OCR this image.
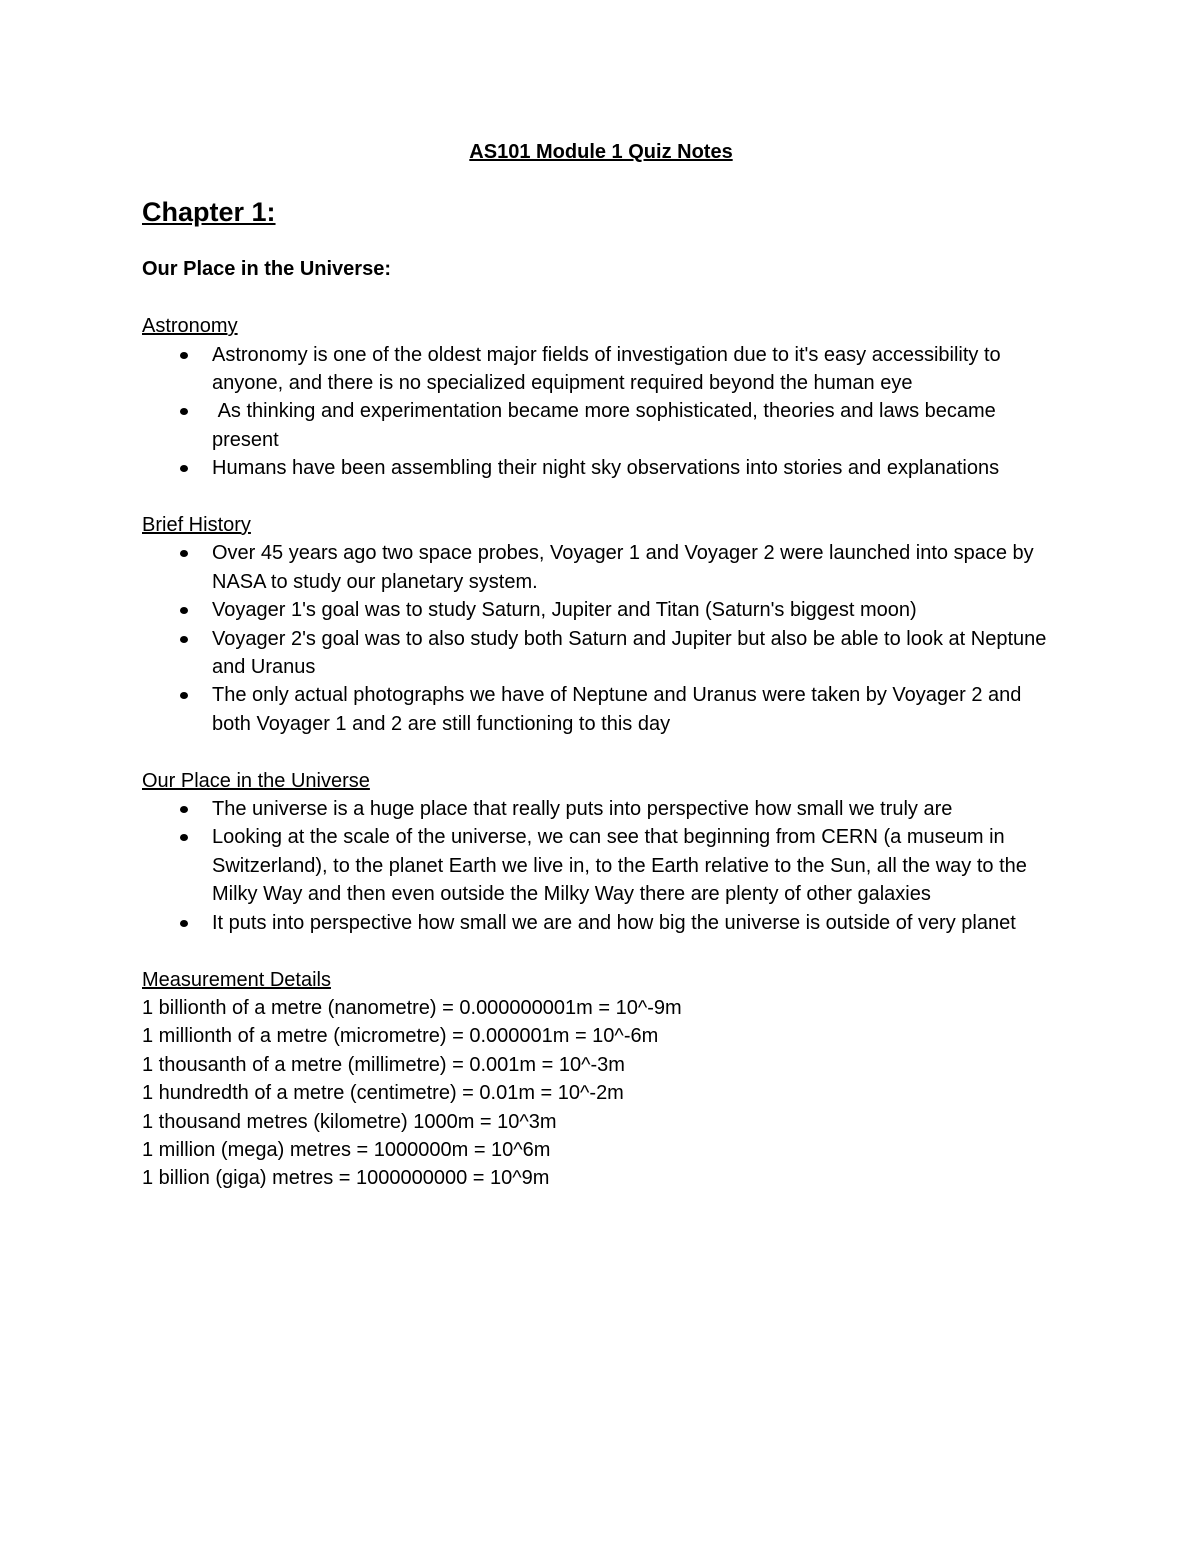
AS101 Module 1 Quiz Notes

Chapter 1:

Our Place in the Universe:

Astronomy

Astronomy is one of the oldest major fields of investigation due to it's easy accessibility to anyone, and there is no specialized equipment required beyond the human eye
As thinking and experimentation became more sophisticated, theories and laws became present
Humans have been assembling their night sky observations into stories and explanations

Brief History

Over 45 years ago two space probes, Voyager 1 and Voyager 2 were launched into space by NASA to study our planetary system.
Voyager 1's goal was to study Saturn, Jupiter and Titan (Saturn's biggest moon)
Voyager 2's goal was to also study both Saturn and Jupiter but also be able to look at Neptune and Uranus
The only actual photographs we have of Neptune and Uranus were taken by Voyager 2 and both Voyager 1 and 2 are still functioning to this day

Our Place in the Universe

The universe is a huge place that really puts into perspective how small we truly are
Looking at the scale of the universe, we can see that beginning from CERN (a museum in Switzerland), to the planet Earth we live in, to the Earth relative to the Sun, all the way to the Milky Way and then even outside the Milky Way there are plenty of other galaxies
It puts into perspective how small we are and how big the universe is outside of very planet

Measurement Details

1 billionth of a metre (nanometre) = 0.000000001m = 10^-9m

1 millionth of a metre (micrometre) = 0.000001m = 10^-6m

1 thousanth of a metre (millimetre) = 0.001m = 10^-3m

1 hundredth of a metre (centimetre) = 0.01m = 10^-2m

1 thousand metres (kilometre) 1000m = 10^3m

1 million (mega) metres = 1000000m = 10^6m

1 billion (giga) metres = 1000000000 = 10^9m
